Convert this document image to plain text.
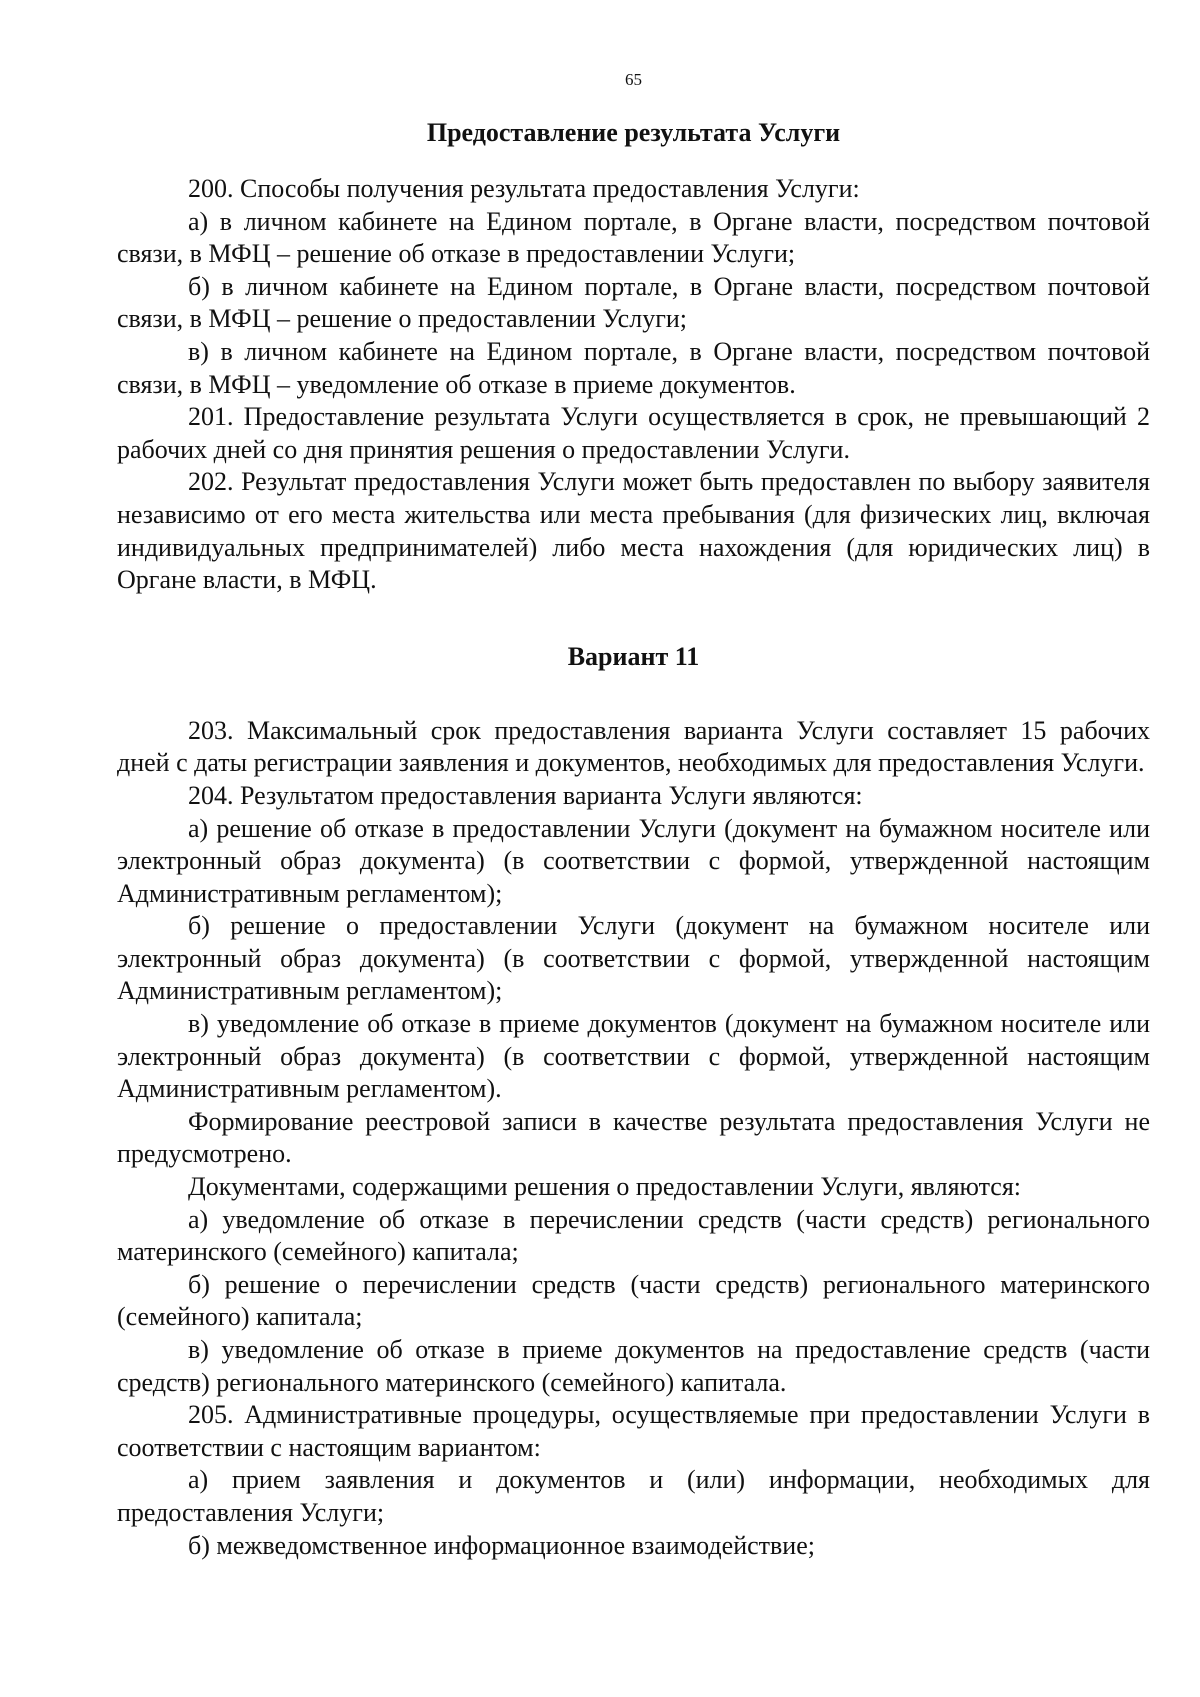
65
Предоставление результата Услуги

200. Способы получения результата предоставления Услуги:

а) в личном кабинете на Едином портале, в Органе власти, посредством почтовой связи, в МФЦ – решение об отказе в предоставлении Услуги;

б) в личном кабинете на Едином портале, в Органе власти, посредством почтовой связи, в МФЦ – решение о предоставлении Услуги;

в) в личном кабинете на Едином портале, в Органе власти, посредством почтовой связи, в МФЦ – уведомление об отказе в приеме документов.

201. Предоставление результата Услуги осуществляется в срок, не превышающий 2 рабочих дней со дня принятия решения о предоставлении Услуги.

202. Результат предоставления Услуги может быть предоставлен по выбору заявителя независимо от его места жительства или места пребывания (для физических лиц, включая индивидуальных предпринимателей) либо места нахождения (для юридических лиц) в Органе власти, в МФЦ.

Вариант 11

203. Максимальный срок предоставления варианта Услуги составляет 15 рабочих дней с даты регистрации заявления и документов, необходимых для предоставления Услуги.

204. Результатом предоставления варианта Услуги являются:

а) решение об отказе в предоставлении Услуги (документ на бумажном носителе или электронный образ документа) (в соответствии с формой, утвержденной настоящим Административным регламентом);

б) решение о предоставлении Услуги (документ на бумажном носителе или электронный образ документа) (в соответствии с формой, утвержденной настоящим Административным регламентом);

в) уведомление об отказе в приеме документов (документ на бумажном носителе или электронный образ документа) (в соответствии с формой, утвержденной настоящим Административным регламентом).

Формирование реестровой записи в качестве результата предоставления Услуги не предусмотрено.

Документами, содержащими решения о предоставлении Услуги, являются:

а) уведомление об отказе в перечислении средств (части средств) регионального материнского (семейного) капитала;

б) решение о перечислении средств (части средств) регионального материнского (семейного) капитала;

в) уведомление об отказе в приеме документов на предоставление средств (части средств) регионального материнского (семейного) капитала.

205. Административные процедуры, осуществляемые при предоставлении Услуги в соответствии с настоящим вариантом:

а) прием заявления и документов и (или) информации, необходимых для предоставления Услуги;

б) межведомственное информационное взаимодействие;
